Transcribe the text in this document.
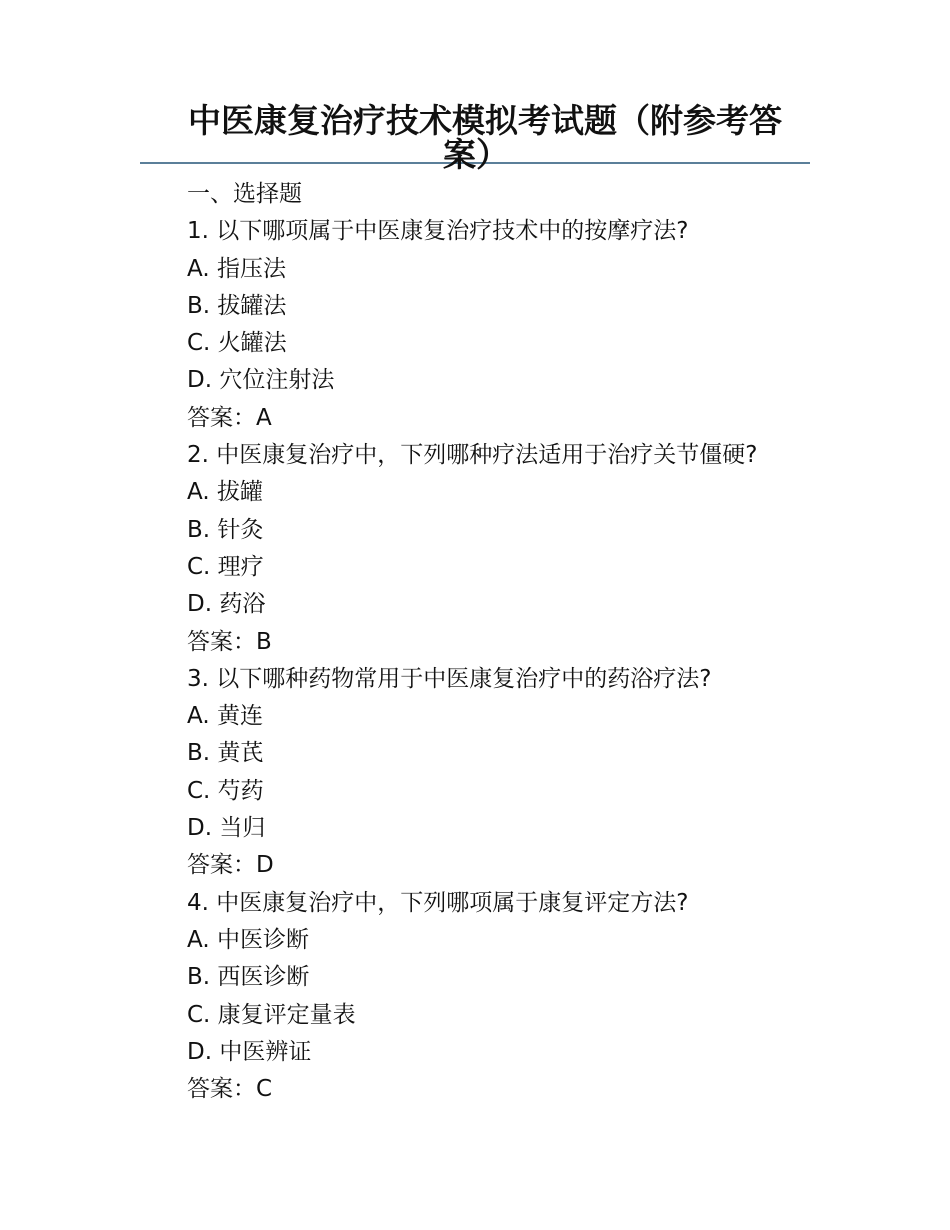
中医康复治疗技术模拟考试题（附参考答
案）
一、选择题
1. 以下哪项属于中医康复治疗技术中的按摩疗法?
A. 指压法
B. 拔罐法
C. 火罐法
D. 穴位注射法
答案：A
2. 中医康复治疗中，下列哪种疗法适用于治疗关节僵硬?
A. 拔罐
B. 针灸
C. 理疗
D. 药浴
答案：B
3. 以下哪种药物常用于中医康复治疗中的药浴疗法?
A. 黄连
B. 黄芪
C. 芍药
D. 当归
答案：D
4. 中医康复治疗中，下列哪项属于康复评定方法?
A. 中医诊断
B. 西医诊断
C. 康复评定量表
D. 中医辨证
答案：C
